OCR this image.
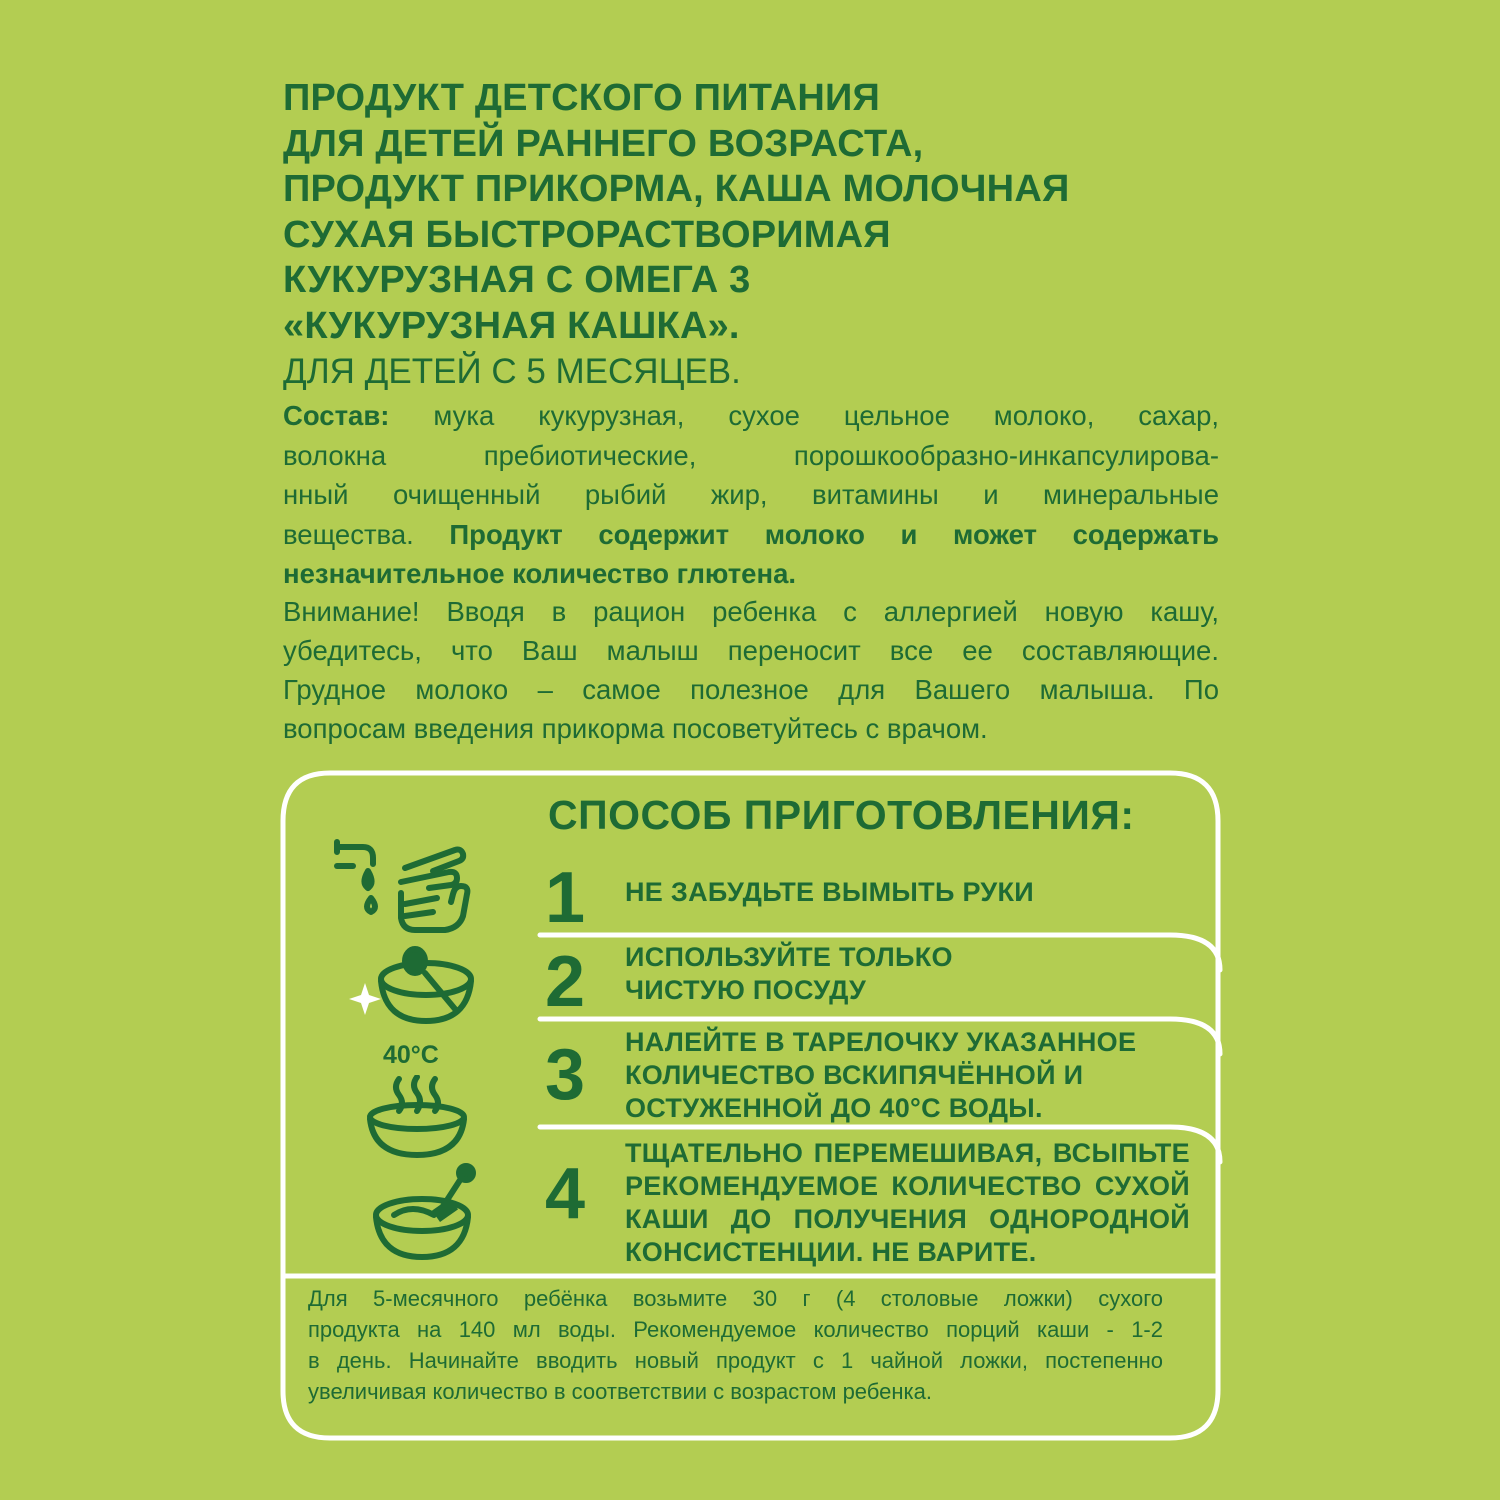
ПРОДУКТ ДЕТСКОГО ПИТАНИЯ
ДЛЯ ДЕТЕЙ РАННЕГО ВОЗРАСТА,
ПРОДУКТ ПРИКОРМА, КАША МОЛОЧНАЯ
СУХАЯ БЫСТРОРАСТВОРИМАЯ
КУКУРУЗНАЯ С ОМЕГА 3
«КУКУРУЗНАЯ КАШКА».
ДЛЯ ДЕТЕЙ С 5 МЕСЯЦЕВ.
Состав: мука кукурузная, сухое цельное молоко, сахар,
волокна пребиотические, порошкообразно-инкапсулирова-
нный очищенный рыбий жир, витамины и минеральные
вещества. Продукт содержит молоко и может содержать
незначительное количество глютена.
Внимание! Вводя в рацион ребенка с аллергией новую кашу,
убедитесь, что Ваш малыш переносит все ее составляющие.
Грудное молоко – самое полезное для Вашего малыша. По
вопросам введения прикорма посоветуйтесь с врачом.
СПОСОБ ПРИГОТОВЛЕНИЯ:
40°C
1
2
3
4
НЕ ЗАБУДЬТЕ ВЫМЫТЬ РУКИ
ИСПОЛЬЗУЙТЕ ТОЛЬКО
ЧИСТУЮ ПОСУДУ
НАЛЕЙТЕ В ТАРЕЛОЧКУ УКАЗАННОЕ
КОЛИЧЕСТВО ВСКИПЯЧЁННОЙ И
ОСТУЖЕННОЙ ДО 40°С ВОДЫ.
ТЩАТЕЛЬНО ПЕРЕМЕШИВАЯ, ВСЫПЬТЕ
РЕКОМЕНДУЕМОЕ КОЛИЧЕСТВО СУХОЙ
КАШИ ДО ПОЛУЧЕНИЯ ОДНОРОДНОЙ
КОНСИСТЕНЦИИ. НЕ ВАРИТЕ.
Для 5-месячного ребёнка возьмите 30 г (4 столовые ложки) сухого
продукта на 140 мл воды. Рекомендуемое количество порций каши - 1-2
в день. Начинайте вводить новый продукт с 1 чайной ложки, постепенно
увеличивая количество в соответствии с возрастом ребенка.
